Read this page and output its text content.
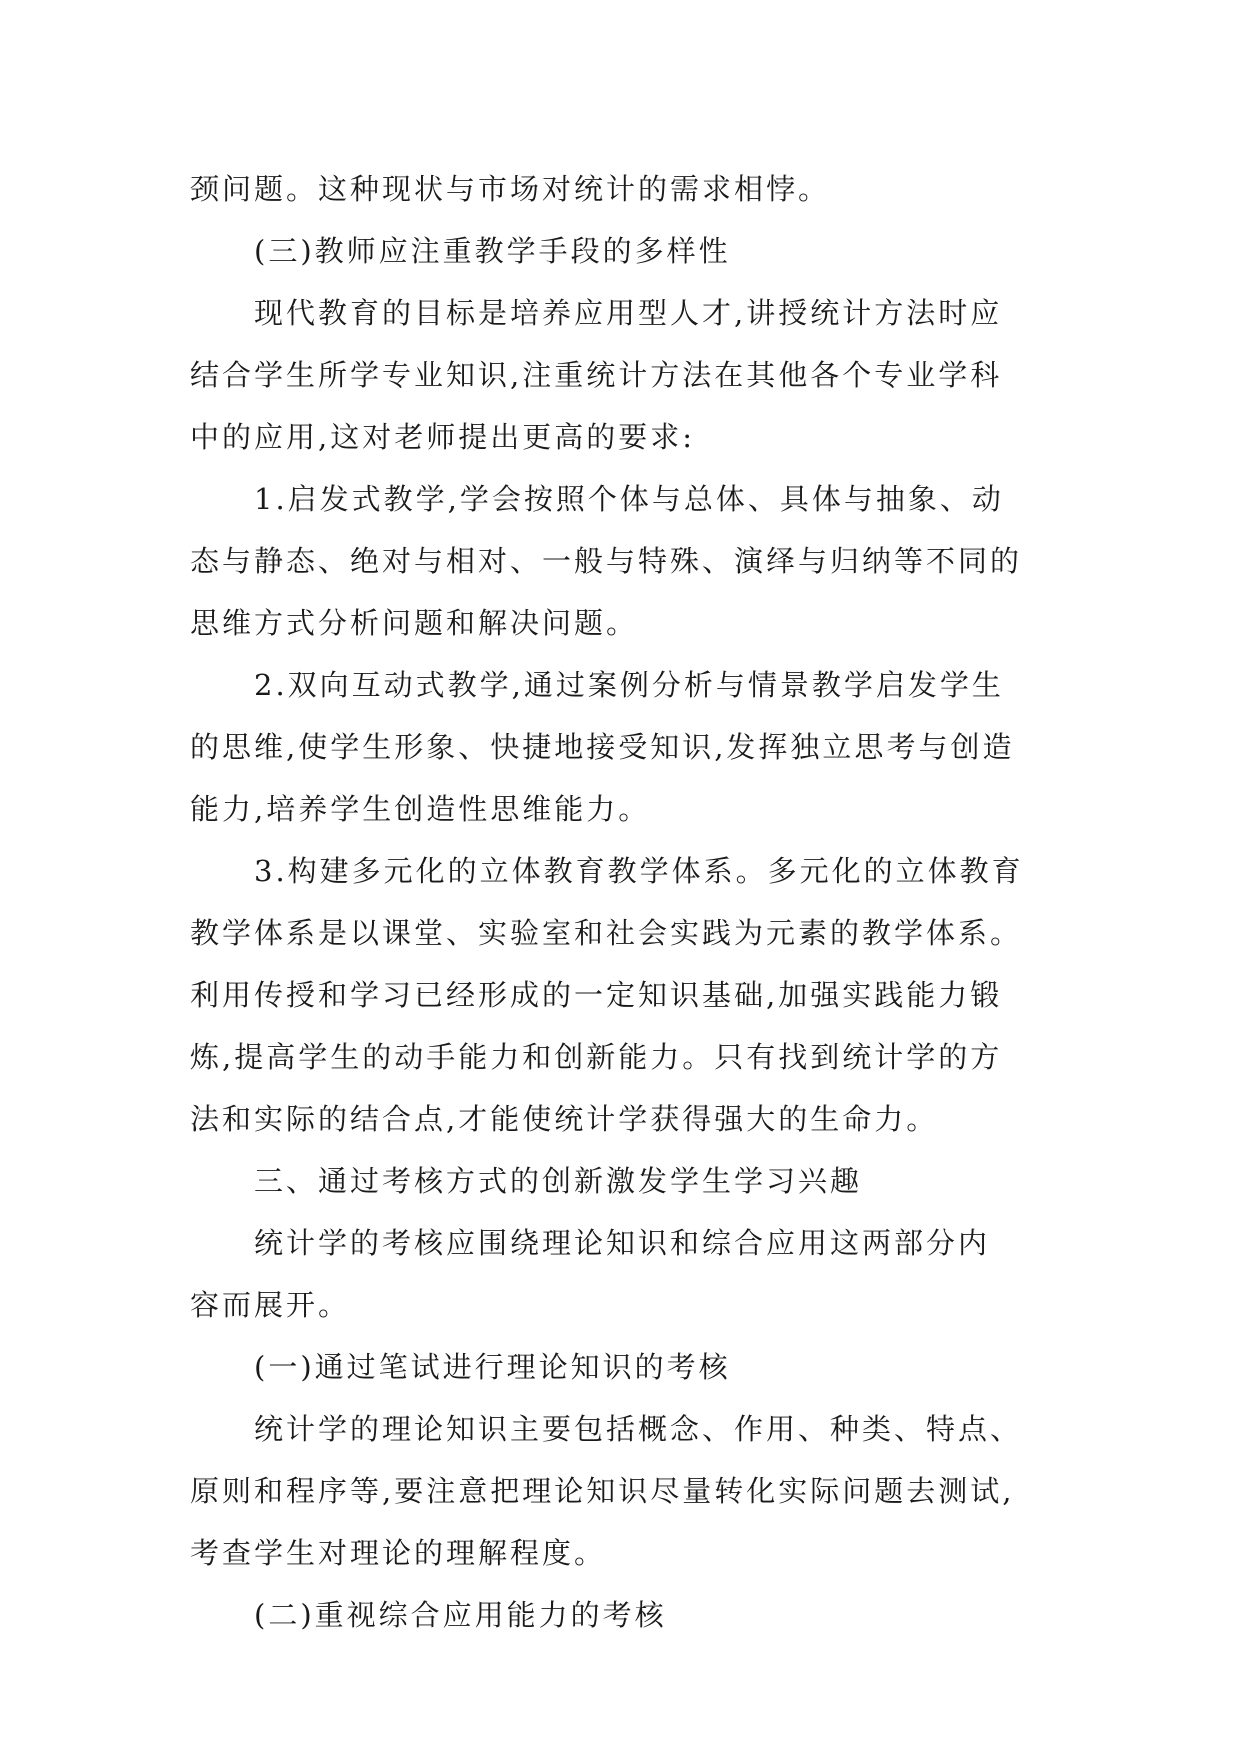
颈问题。这种现状与市场对统计的需求相悖。
(三)教师应注重教学手段的多样性
现代教育的目标是培养应用型人才,讲授统计方法时应
结合学生所学专业知识,注重统计方法在其他各个专业学科
中的应用,这对老师提出更高的要求:
1.启发式教学,学会按照个体与总体、具体与抽象、动
态与静态、绝对与相对、一般与特殊、演绎与归纳等不同的
思维方式分析问题和解决问题。
2.双向互动式教学,通过案例分析与情景教学启发学生
的思维,使学生形象、快捷地接受知识,发挥独立思考与创造
能力,培养学生创造性思维能力。
3.构建多元化的立体教育教学体系。多元化的立体教育
教学体系是以课堂、实验室和社会实践为元素的教学体系。
利用传授和学习已经形成的一定知识基础,加强实践能力锻
炼,提高学生的动手能力和创新能力。只有找到统计学的方
法和实际的结合点,才能使统计学获得强大的生命力。
三、通过考核方式的创新激发学生学习兴趣
统计学的考核应围绕理论知识和综合应用这两部分内
容而展开。
(一)通过笔试进行理论知识的考核
统计学的理论知识主要包括概念、作用、种类、特点、
原则和程序等,要注意把理论知识尽量转化实际问题去测试,
考查学生对理论的理解程度。
(二)重视综合应用能力的考核
